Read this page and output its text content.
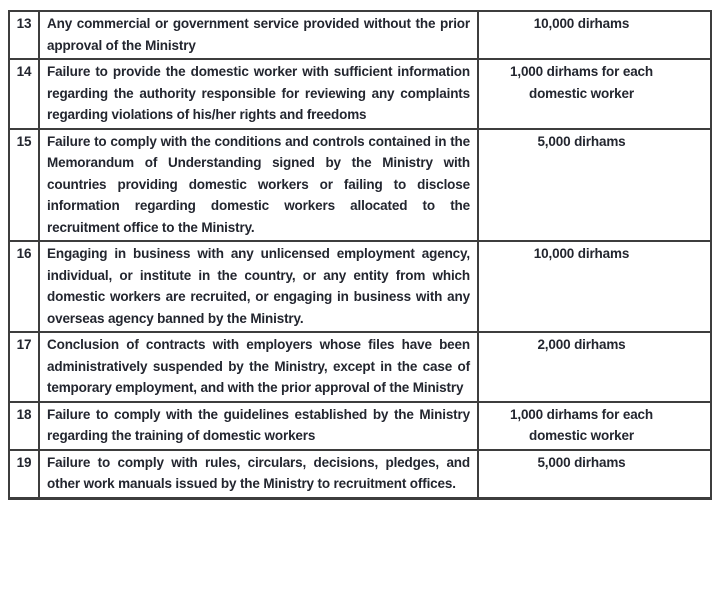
13	Any commercial or government service provided without the prior approval of the Ministry	10,000 dirhams
14	Failure to provide the domestic worker with sufficient information regarding the authority responsible for reviewing any complaints regarding violations of his/her rights and freedoms	1,000 dirhams for each domestic worker
15	Failure to comply with the conditions and controls contained in the Memorandum of Understanding signed by the Ministry with countries providing domestic workers or failing to disclose information regarding domestic workers allocated to the recruitment office to the Ministry.	5,000 dirhams
16	Engaging in business with any unlicensed employment agency, individual, or institute in the country, or any entity from which domestic workers are recruited, or engaging in business with any overseas agency banned by the Ministry.	10,000 dirhams
17	Conclusion of contracts with employers whose files have been administratively suspended by the Ministry, except in the case of temporary employment, and with the prior approval of the Ministry	2,000 dirhams
18	Failure to comply with the guidelines established by the Ministry regarding the training of domestic workers	1,000 dirhams for each domestic worker
19	Failure to comply with rules, circulars, decisions, pledges, and other work manuals issued by the Ministry to recruitment offices.	5,000 dirhams
